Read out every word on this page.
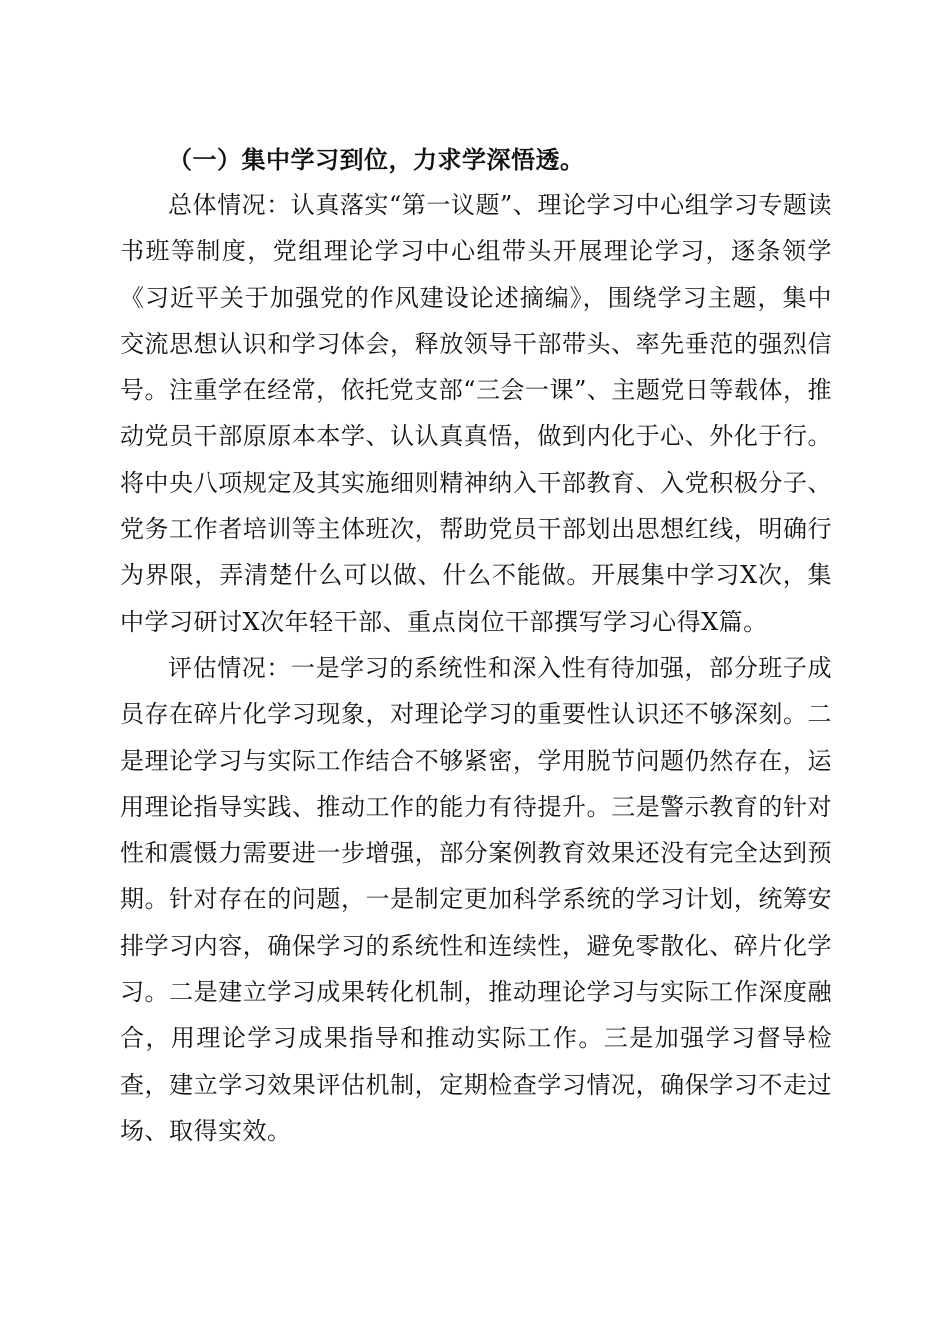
（一）集中学习到位，力求学深悟透。

总体情况：认真落实“第一议题”、理论学习中心组学习专题读书班等制度，党组理论学习中心组带头开展理论学习，逐条领学《习近平关于加强党的作风建设论述摘编》，围绕学习主题，集中交流思想认识和学习体会，释放领导干部带头、率先垂范的强烈信号。注重学在经常，依托党支部“三会一课”、主题党日等载体，推动党员干部原原本本学、认认真真悟，做到内化于心、外化于行。将中央八项规定及其实施细则精神纳入干部教育、入党积极分子、党务工作者培训等主体班次，帮助党员干部划出思想红线，明确行为界限，弄清楚什么可以做、什么不能做。开展集中学习X次，集中学习研讨X次年轻干部、重点岗位干部撰写学习心得X篇。

评估情况：一是学习的系统性和深入性有待加强，部分班子成员存在碎片化学习现象，对理论学习的重要性认识还不够深刻。二是理论学习与实际工作结合不够紧密，学用脱节问题仍然存在，运用理论指导实践、推动工作的能力有待提升。三是警示教育的针对性和震慑力需要进一步增强，部分案例教育效果还没有完全达到预期。针对存在的问题，一是制定更加科学系统的学习计划，统筹安排学习内容，确保学习的系统性和连续性，避免零散化、碎片化学习。二是建立学习成果转化机制，推动理论学习与实际工作深度融合，用理论学习成果指导和推动实际工作。三是加强学习督导检查，建立学习效果评估机制，定期检查学习情况，确保学习不走过场、取得实效。
